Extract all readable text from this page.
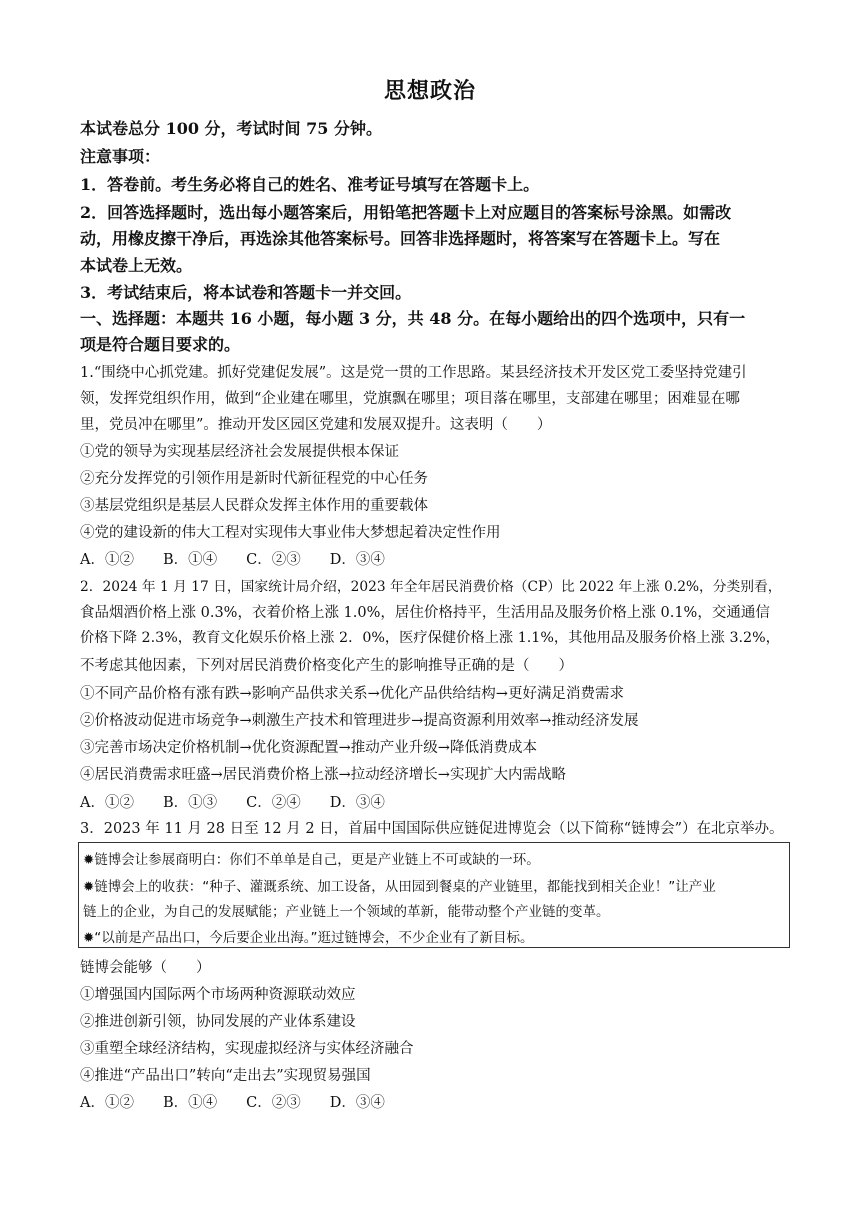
思想政治
本试卷总分 100 分，考试时间 75 分钟。
注意事项：
1．答卷前。考生务必将自己的姓名、准考证号填写在答题卡上。
2．回答选择题时，选出每小题答案后，用铅笔把答题卡上对应题目的答案标号涂黑。如需改
动，用橡皮擦干净后，再选涂其他答案标号。回答非选择题时，将答案写在答题卡上。写在
本试卷上无效。
3．考试结束后，将本试卷和答题卡一并交回。
一、选择题：本题共 16 小题，每小题 3 分，共 48 分。在每小题给出的四个选项中，只有一
项是符合题目要求的。
1.“围绕中心抓党建。抓好党建促发展”。这是党一贯的工作思路。某县经济技术开发区党工委坚持党建引
领，发挥党组织作用，做到“企业建在哪里，党旗飘在哪里；项目落在哪里，支部建在哪里；困难显在哪
里，党员冲在哪里”。推动开发区园区党建和发展双提升。这表明（　　）
①党的领导为实现基层经济社会发展提供根本保证
②充分发挥党的引领作用是新时代新征程党的中心任务
③基层党组织是基层人民群众发挥主体作用的重要载体
④党的建设新的伟大工程对实现伟大事业伟大梦想起着决定性作用
A．①②　　B．①④　　C．②③　　D．③④
2．2024 年 1 月 17 日，国家统计局介绍，2023 年全年居民消费价格（CP）比 2022 年上涨 0.2%，分类别看，
食品烟酒价格上涨 0.3%，衣着价格上涨 1.0%，居住价格持平，生活用品及服务价格上涨 0.1%，交通通信
价格下降 2.3%，教育文化娱乐价格上涨 2．0%，医疗保健价格上涨 1.1%，其他用品及服务价格上涨 3.2%，
不考虑其他因素，下列对居民消费价格变化产生的影响推导正确的是（　　）
①不同产品价格有涨有跌→影响产品供求关系→优化产品供给结构→更好满足消费需求
②价格波动促进市场竞争→刺激生产技术和管理进步→提高资源利用效率→推动经济发展
③完善市场决定价格机制→优化资源配置→推动产业升级→降低消费成本
④居民消费需求旺盛→居民消费价格上涨→拉动经济增长→实现扩大内需战略
A．①②　　B．①③　　C．②④　　D．③④
3．2023 年 11 月 28 日至 12 月 2 日，首届中国国际供应链促进博览会（以下简称“链博会”）在北京举办。
✹链博会让参展商明白：你们不单单是自己，更是产业链上不可或缺的一环。
✹链博会上的收获：“种子、灌溉系统、加工设备，从田园到餐桌的产业链里，都能找到相关企业！”让产业
链上的企业，为自己的发展赋能；产业链上一个领域的革新，能带动整个产业链的变革。
✹“以前是产品出口，今后要企业出海。”逛过链博会，不少企业有了新目标。
链博会能够（　　）
①增强国内国际两个市场两种资源联动效应
②推进创新引领，协同发展的产业体系建设
③重塑全球经济结构，实现虚拟经济与实体经济融合
④推进“产品出口”转向“走出去”实现贸易强国
A．①②　　B．①④　　C．②③　　D．③④
